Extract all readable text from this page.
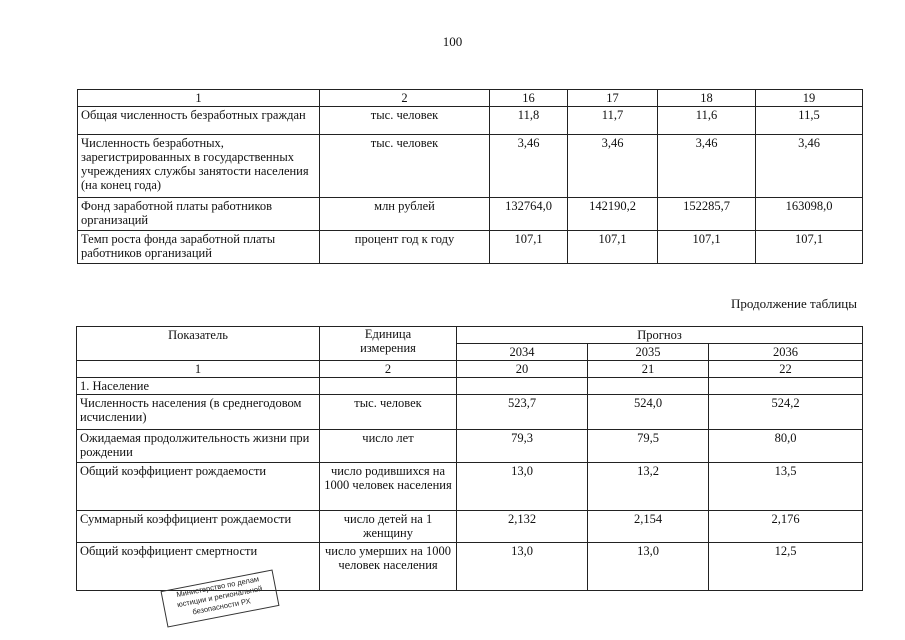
100
1	2	16	17	18	19
Общая численность безработных граждан	тыс. человек	11,8	11,7	11,6	11,5
Численность безработных, зарегистрированных в государственных учреждениях службы занятости населения (на конец года)	тыс. человек	3,46	3,46	3,46	3,46
Фонд заработной платы работников организаций	млн рублей	132764,0	142190,2	152285,7	163098,0
Темп роста фонда заработной платы работников организаций	процент год к году	107,1	107,1	107,1	107,1
Продолжение таблицы
Показатель	Единица измерения	Прогноз		
		2034	2035	2036
1	2	20	21	22
1. Население				
Численность населения (в среднегодовом исчислении)	тыс. человек	523,7	524,0	524,2
Ожидаемая продолжительность жизни при рождении	число лет	79,3	79,5	80,0
Общий коэффициент рождаемости	число родившихся на 1000 человек населения	13,0	13,2	13,5
Суммарный коэффициент рождаемости	число детей на 1 женщину	2,132	2,154	2,176
Общий коэффициент смертности	число умерших на 1000 человек населения	13,0	13,0	12,5
Министерство по делам юстиции и региональной безопасности РХ
